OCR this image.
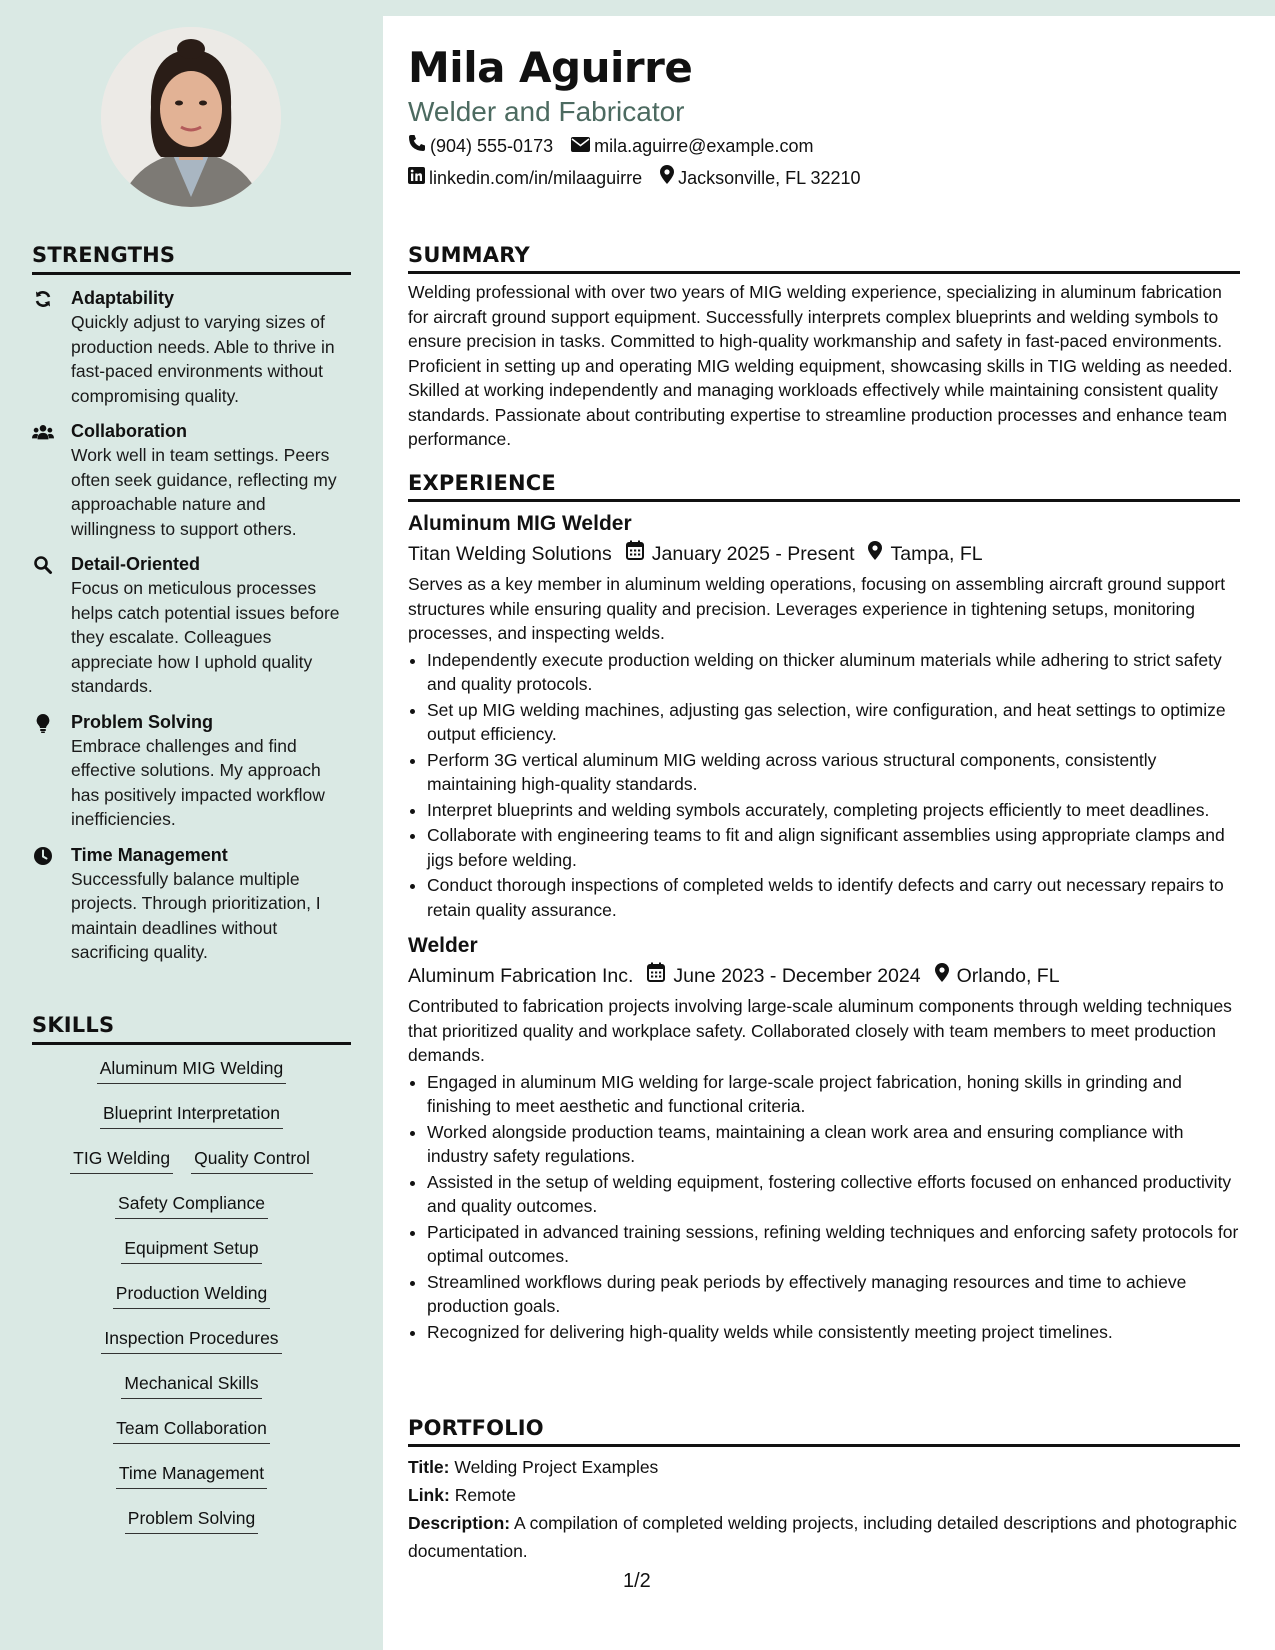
STRENGTHS
Adaptability
Quickly adjust to varying sizes of production needs. Able to thrive in fast-paced environments without compromising quality.
Collaboration
Work well in team settings. Peers often seek guidance, reflecting my approachable nature and willingness to support others.
Detail-Oriented
Focus on meticulous processes helps catch potential issues before they escalate. Colleagues appreciate how I uphold quality standards.
Problem Solving
Embrace challenges and find effective solutions. My approach has positively impacted workflow inefficiencies.
Time Management
Successfully balance multiple projects. Through prioritization, I maintain deadlines without sacrificing quality.
SKILLS
Aluminum MIG Welding
Blueprint Interpretation
TIG Welding Quality Control
Safety Compliance
Equipment Setup
Production Welding
Inspection Procedures
Mechanical Skills
Team Collaboration
Time Management
Problem Solving
Mila Aguirre
Welder and Fabricator
(904) 555-0173 mila.aguirre@example.com
linkedin.com/in/milaaguirre Jacksonville, FL 32210
SUMMARY

Welding professional with over two years of MIG welding experience, specializing in aluminum fabrication for aircraft ground support equipment. Successfully interprets complex blueprints and welding symbols to ensure precision in tasks. Committed to high-quality workmanship and safety in fast-paced environments. Proficient in setting up and operating MIG welding equipment, showcasing skills in TIG welding as needed. Skilled at working independently and managing workloads effectively while maintaining consistent quality standards. Passionate about contributing expertise to streamline production processes and enhance team performance.

EXPERIENCE
Aluminum MIG Welder
Titan Welding Solutions January 2025 - Present Tampa, FL

Serves as a key member in aluminum welding operations, focusing on assembling aircraft ground support structures while ensuring quality and precision. Leverages experience in tightening setups, monitoring processes, and inspecting welds.

• Independently execute production welding on thicker aluminum materials while adhering to strict safety and quality protocols.
• Set up MIG welding machines, adjusting gas selection, wire configuration, and heat settings to optimize output efficiency.
• Perform 3G vertical aluminum MIG welding across various structural components, consistently maintaining high-quality standards.
• Interpret blueprints and welding symbols accurately, completing projects efficiently to meet deadlines.
• Collaborate with engineering teams to fit and align significant assemblies using appropriate clamps and jigs before welding.
• Conduct thorough inspections of completed welds to identify defects and carry out necessary repairs to retain quality assurance.
Welder
Aluminum Fabrication Inc. June 2023 - December 2024 Orlando, FL

Contributed to fabrication projects involving large-scale aluminum components through welding techniques that prioritized quality and workplace safety. Collaborated closely with team members to meet production demands.

• Engaged in aluminum MIG welding for large-scale project fabrication, honing skills in grinding and finishing to meet aesthetic and functional criteria.
• Worked alongside production teams, maintaining a clean work area and ensuring compliance with industry safety regulations.
• Assisted in the setup of welding equipment, fostering collective efforts focused on enhanced productivity and quality outcomes.
• Participated in advanced training sessions, refining welding techniques and enforcing safety protocols for optimal outcomes.
• Streamlined workflows during peak periods by effectively managing resources and time to achieve production goals.
• Recognized for delivering high-quality welds while consistently meeting project timelines.
PORTFOLIO
Title: Welding Project Examples
Link: Remote
Description: A compilation of completed welding projects, including detailed descriptions and photographic documentation.
1/2
